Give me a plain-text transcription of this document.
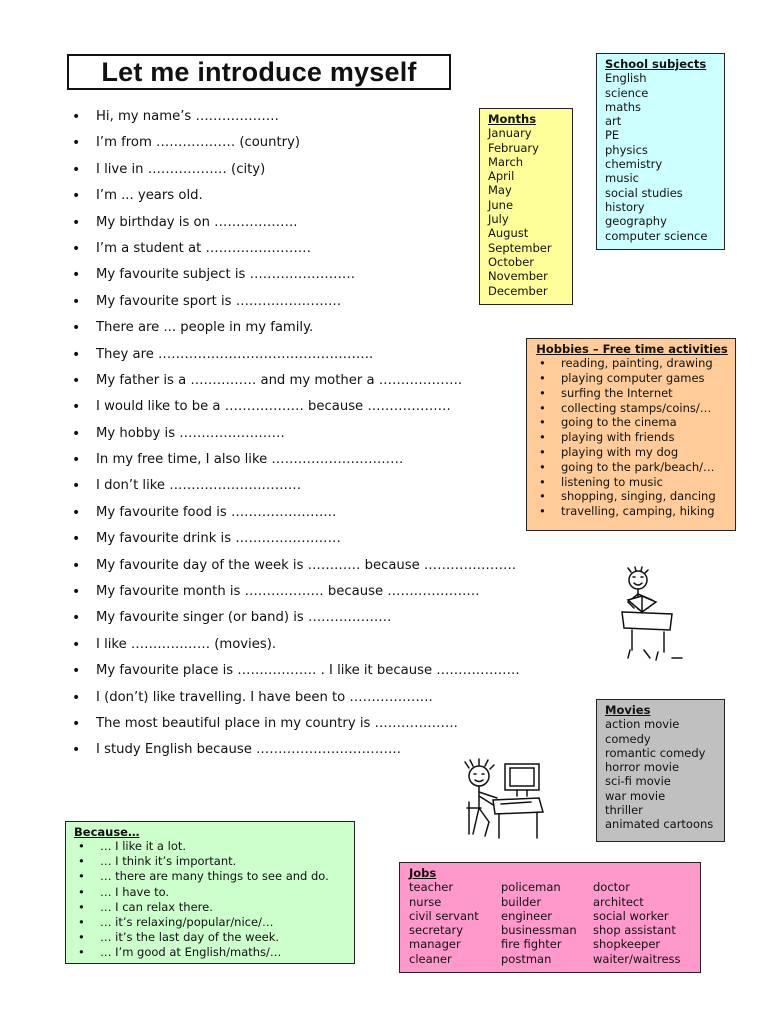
Let me introduce myself
• Hi, my name’s ……………….
• I’m from ……………… (country)
• I live in ……………… (city)
• I’m ... years old.
• My birthday is on ……………….
• I’m a student at ……………………
• My favourite subject is ……………………
• My favourite sport is ……………………
• There are ... people in my family.
• They are ………………………………………….
• My father is a …………… and my mother a ……………….
• I would like to be a ……………… because ……………….
• My hobby is ……………………
• In my free time, I also like …………………………
• I don’t like …………………………
• My favourite food is ……………………
• My favourite drink is ……………………
• My favourite day of the week is ………… because …………………
• My favourite month is ……………… because …………………
• My favourite singer (or band) is ……………….
• I like ……………… (movies).
• My favourite place is ……………… . I like it because ……………….
• I (don’t) like travelling. I have been to ……………….
• The most beautiful place in my country is ……………….
• I study English because ……………………………
Months
January
February
March
April
May
June
July
August
September
October
November
December
School subjects
English
science
maths
art
PE
physics
chemistry
music
social studies
history
geography
computer science
Hobbies – Free time activities
• reading, painting, drawing
• playing computer games
• surfing the Internet
• collecting stamps/coins/…
• going to the cinema
• playing with friends
• playing with my dog
• going to the park/beach/…
• listening to music
• shopping, singing, dancing
• travelling, camping, hiking
Movies
action movie
comedy
romantic comedy
horror movie
sci-fi movie
war movie
thriller
animated cartoons
Because…
• … I like it a lot.
• … I think it’s important.
• … there are many things to see and do.
• … I have to.
• … I can relax there.
• … it’s relaxing/popular/nice/…
• … it’s the last day of the week.
• … I’m good at English/maths/…
Jobs
teacher
nurse
civil servant
secretary
manager
cleaner
policeman
builder
engineer
businessman
fire fighter
postman
doctor
architect
social worker
shop assistant
shopkeeper
waiter/waitress
